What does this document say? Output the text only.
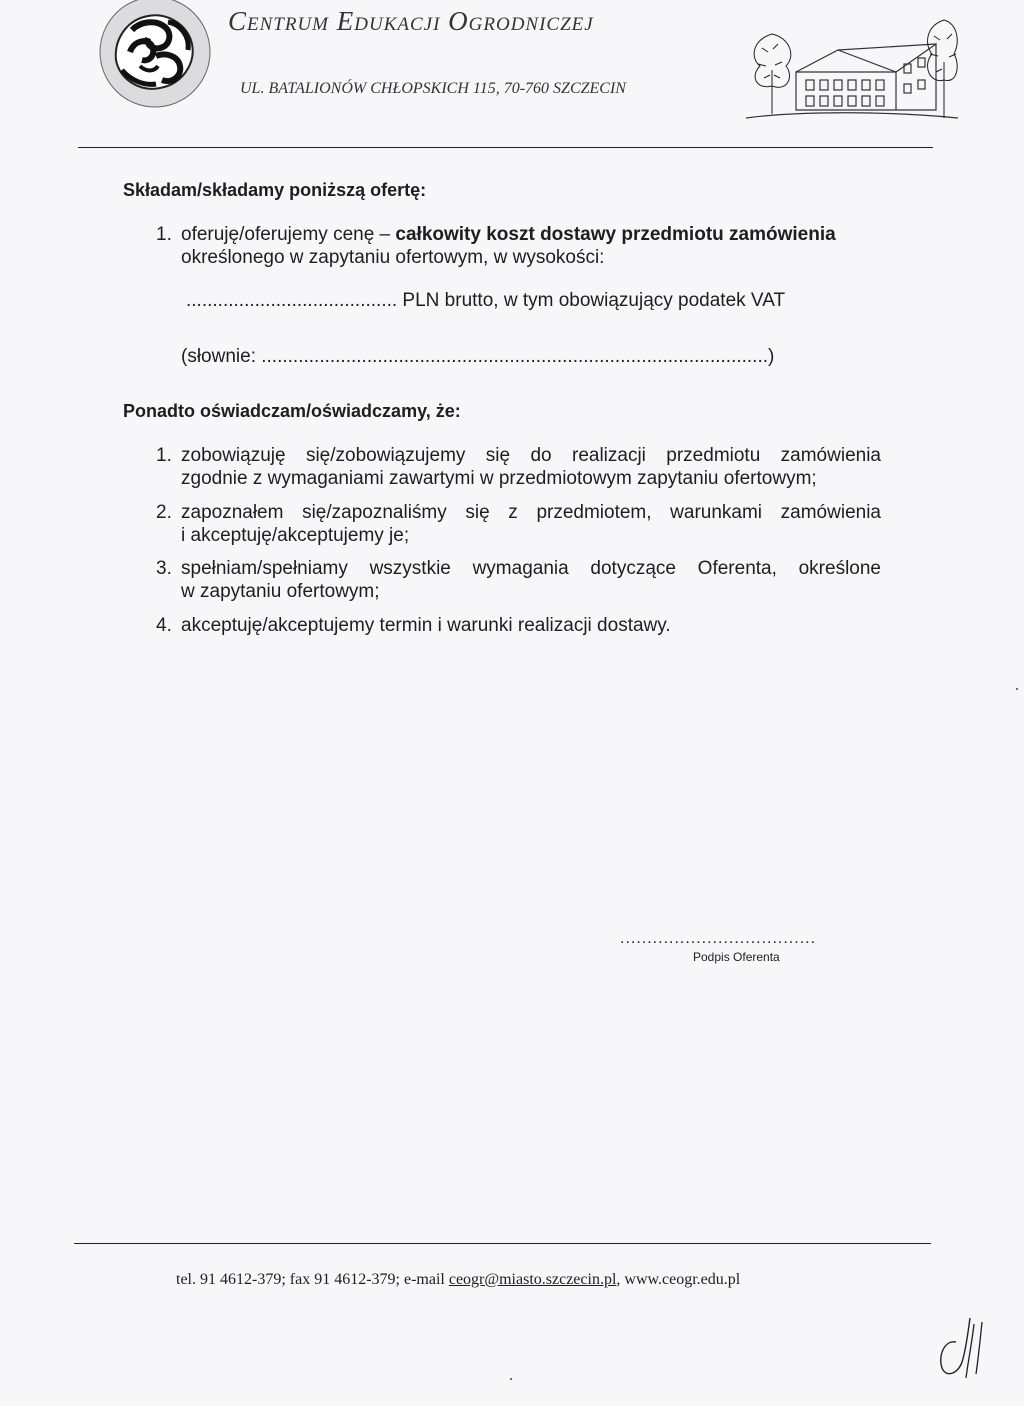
Centrum Edukacji Ogrodniczej
UL. BATALIONÓW CHŁOPSKICH 115, 70-760 SZCZECIN
Składam/składamy poniższą ofertę:
1. oferuję/oferujemy cenę – całkowity koszt dostawy przedmiotu zamówienia
określonego w zapytaniu ofertowym, w wysokości:
........................................ PLN brutto, w tym obowiązujący podatek VAT
(słownie: ................................................................................................)
Ponadto oświadczam/oświadczamy, że:
1. zobowiązuję się/zobowiązujemy się do realizacji przedmiotu zamówienia
zgodnie z wymaganiami zawartymi w przedmiotowym zapytaniu ofertowym;
2. zapoznałem się/zapoznaliśmy się z przedmiotem, warunkami zamówienia
i akceptuję/akceptujemy je;
3. spełniam/spełniamy wszystkie wymagania dotyczące Oferenta, określone
w zapytaniu ofertowym;
4. akceptuję/akceptujemy termin i warunki realizacji dostawy.
....................................
Podpis Oferenta
tel. 91 4612-379; fax 91 4612-379; e-mail ceogr@miasto.szczecin.pl, www.ceogr.edu.pl
